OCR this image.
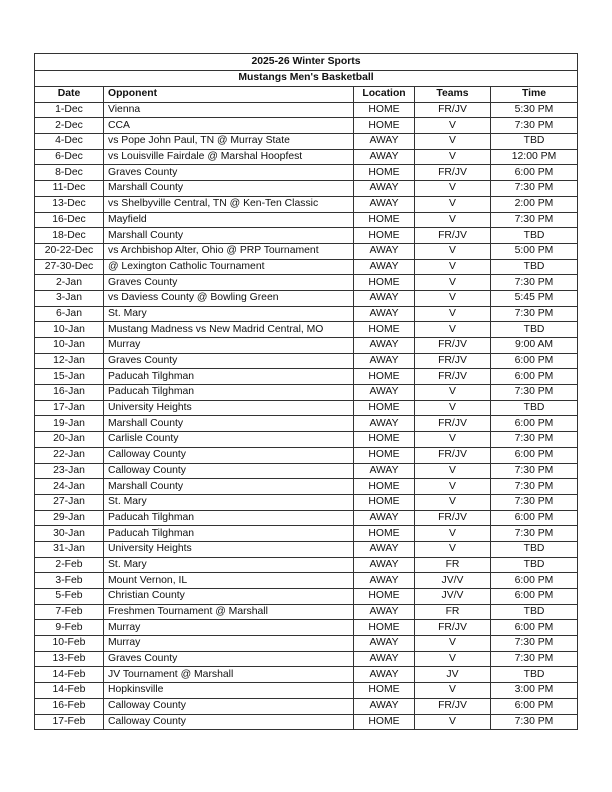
2025-26 Winter Sports				
Mustangs Men's Basketball				
Date	Opponent	Location	Teams	Time
1-Dec	Vienna	HOME	FR/JV	5:30 PM
2-Dec	CCA	HOME	V	7:30 PM
4-Dec	vs Pope John Paul, TN @ Murray State	AWAY	V	TBD
6-Dec	vs Louisville Fairdale @ Marshal Hoopfest	AWAY	V	12:00 PM
8-Dec	Graves County	HOME	FR/JV	6:00 PM
11-Dec	Marshall County	AWAY	V	7:30 PM
13-Dec	vs Shelbyville Central, TN @ Ken-Ten Classic	AWAY	V	2:00 PM
16-Dec	Mayfield	HOME	V	7:30 PM
18-Dec	Marshall County	HOME	FR/JV	TBD
20-22-Dec	vs Archbishop Alter, Ohio @ PRP Tournament	AWAY	V	5:00 PM
27-30-Dec	@ Lexington Catholic Tournament	AWAY	V	TBD
2-Jan	Graves County	HOME	V	7:30 PM
3-Jan	vs Daviess County @ Bowling Green	AWAY	V	5:45 PM
6-Jan	St. Mary	AWAY	V	7:30 PM
10-Jan	Mustang Madness vs New Madrid Central, MO	HOME	V	TBD
10-Jan	Murray	AWAY	FR/JV	9:00 AM
12-Jan	Graves County	AWAY	FR/JV	6:00 PM
15-Jan	Paducah Tilghman	HOME	FR/JV	6:00 PM
16-Jan	Paducah Tilghman	AWAY	V	7:30 PM
17-Jan	University Heights	HOME	V	TBD
19-Jan	Marshall County	AWAY	FR/JV	6:00 PM
20-Jan	Carlisle County	HOME	V	7:30 PM
22-Jan	Calloway County	HOME	FR/JV	6:00 PM
23-Jan	Calloway County	AWAY	V	7:30 PM
24-Jan	Marshall County	HOME	V	7:30 PM
27-Jan	St. Mary	HOME	V	7:30 PM
29-Jan	Paducah Tilghman	AWAY	FR/JV	6:00 PM
30-Jan	Paducah Tilghman	HOME	V	7:30 PM
31-Jan	University Heights	AWAY	V	TBD
2-Feb	St. Mary	AWAY	FR	TBD
3-Feb	Mount Vernon, IL	AWAY	JV/V	6:00 PM
5-Feb	Christian County	HOME	JV/V	6:00 PM
7-Feb	Freshmen Tournament @ Marshall	AWAY	FR	TBD
9-Feb	Murray	HOME	FR/JV	6:00 PM
10-Feb	Murray	AWAY	V	7:30 PM
13-Feb	Graves County	AWAY	V	7:30 PM
14-Feb	JV Tournament @ Marshall	AWAY	JV	TBD
14-Feb	Hopkinsville	HOME	V	3:00 PM
16-Feb	Calloway County	AWAY	FR/JV	6:00 PM
17-Feb	Calloway County	HOME	V	7:30 PM
